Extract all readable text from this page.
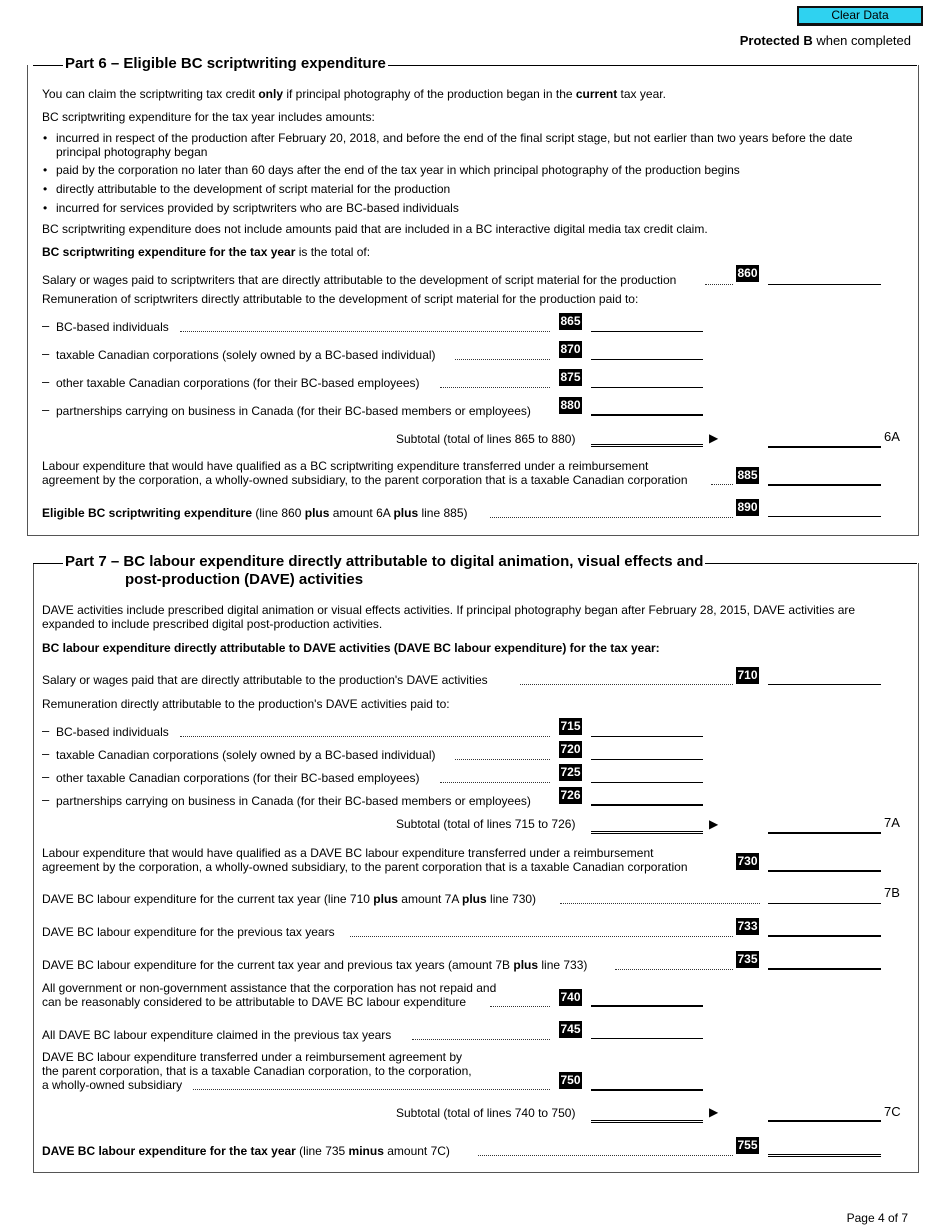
Clear Data
Protected B when completed
Part 6 – Eligible BC scriptwriting expenditure
You can claim the scriptwriting tax credit only if principal photography of the production began in the current tax year.
BC scriptwriting expenditure for the tax year includes amounts:
• incurred in respect of the production after February 20, 2018, and before the end of the final script stage, but not earlier than two years before the date principal photography began
• paid by the corporation no later than 60 days after the end of the tax year in which principal photography of the production begins
• directly attributable to the development of script material for the production
• incurred for services provided by scriptwriters who are BC-based individuals
BC scriptwriting expenditure does not include amounts paid that are included in a BC interactive digital media tax credit claim.
BC scriptwriting expenditure for the tax year is the total of:
Salary or wages paid to scriptwriters that are directly attributable to the development of script material for the production	860
Remuneration of scriptwriters directly attributable to the development of script material for the production paid to:
– BC-based individuals	865
– taxable Canadian corporations (solely owned by a BC-based individual)	870
– other taxable Canadian corporations (for their BC-based employees)	875
– partnerships carrying on business in Canada (for their BC-based members or employees) 880
Subtotal (total of lines 865 to 880)	▶	6A
Labour expenditure that would have qualified as a BC scriptwriting expenditure transferred under a reimbursement
agreement by the corporation, a wholly-owned subsidiary, to the parent corporation that is a taxable Canadian corporation	885
Eligible BC scriptwriting expenditure (line 860 plus amount 6A plus line 885)	890
Part 7 – BC labour expenditure directly attributable to digital animation, visual effects and
post-production (DAVE) activities
DAVE activities include prescribed digital animation or visual effects activities. If principal photography began after February 28, 2015, DAVE activities are expanded to include prescribed digital post-production activities.
BC labour expenditure directly attributable to DAVE activities (DAVE BC labour expenditure) for the tax year:
Salary or wages paid that are directly attributable to the production's DAVE activities	710
Remuneration directly attributable to the production's DAVE activities paid to:
– BC-based individuals	715
– taxable Canadian corporations (solely owned by a BC-based individual)	720
– other taxable Canadian corporations (for their BC-based employees)	725
– partnerships carrying on business in Canada (for their BC-based members or employees) 726
Subtotal (total of lines 715 to 726)	▶	7A
Labour expenditure that would have qualified as a DAVE BC labour expenditure transferred under a reimbursement
agreement by the corporation, a wholly-owned subsidiary, to the parent corporation that is a taxable Canadian corporation	730
DAVE BC labour expenditure for the current tax year (line 710 plus amount 7A plus line 730)	7B
DAVE BC labour expenditure for the previous tax years	733
DAVE BC labour expenditure for the current tax year and previous tax years (amount 7B plus line 733)	735
All government or non-government assistance that the corporation has not repaid and
can be reasonably considered to be attributable to DAVE BC labour expenditure	740
All DAVE BC labour expenditure claimed in the previous tax years	745
DAVE BC labour expenditure transferred under a reimbursement agreement by
the parent corporation, that is a taxable Canadian corporation, to the corporation,
a wholly-owned subsidiary	750
Subtotal (total of lines 740 to 750)	▶	7C
DAVE BC labour expenditure for the tax year (line 735 minus amount 7C)	755
Page 4 of 7
